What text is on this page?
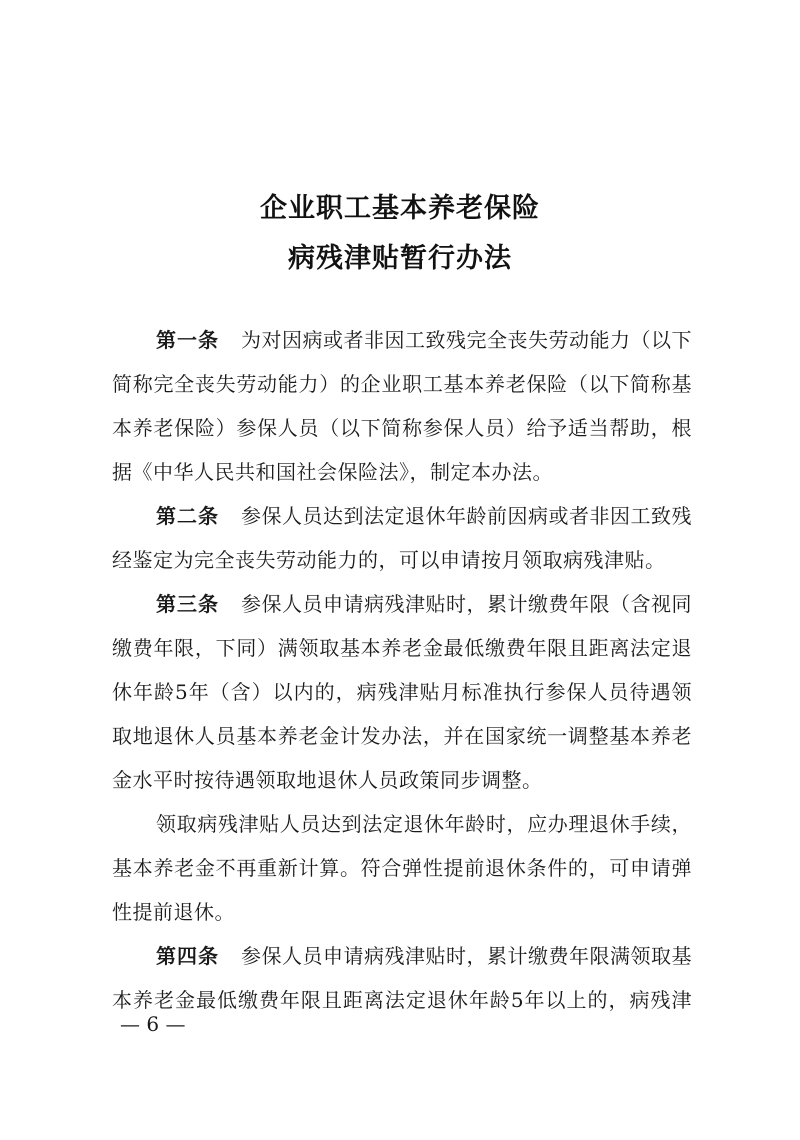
企业职工基本养老保险
病残津贴暂行办法
第一条 为对因病或者非因工致残完全丧失劳动能力（以下
简称完全丧失劳动能力）的企业职工基本养老保险（以下简称基
本养老保险）参保人员（以下简称参保人员）给予适当帮助，根
据《中华人民共和国社会保险法》，制定本办法。
第二条 参保人员达到法定退休年龄前因病或者非因工致残
经鉴定为完全丧失劳动能力的，可以申请按月领取病残津贴。
第三条 参保人员申请病残津贴时，累计缴费年限（含视同
缴费年限，下同）满领取基本养老金最低缴费年限且距离法定退
休年龄5年（含）以内的，病残津贴月标准执行参保人员待遇领
取地退休人员基本养老金计发办法，并在国家统一调整基本养老
金水平时按待遇领取地退休人员政策同步调整。
领取病残津贴人员达到法定退休年龄时，应办理退休手续，
基本养老金不再重新计算。符合弹性提前退休条件的，可申请弹
性提前退休。
第四条 参保人员申请病残津贴时，累计缴费年限满领取基
本养老金最低缴费年限且距离法定退休年龄5年以上的，病残津
— 6 —
